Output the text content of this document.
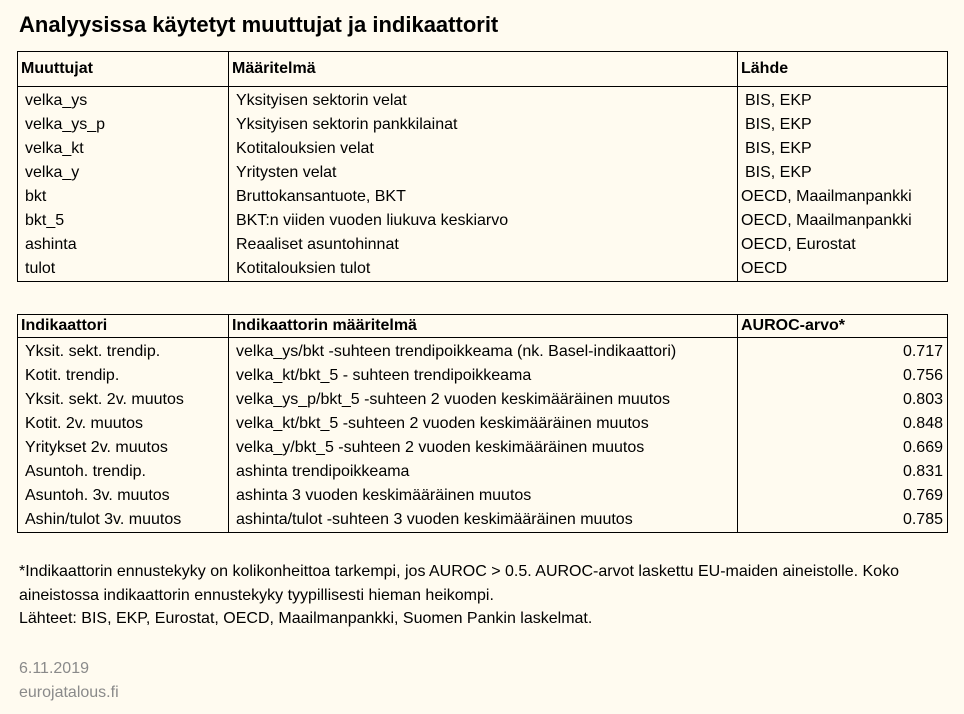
Analyysissa käytetyt muuttujat ja indikaattorit
Muuttujat	Määritelmä	Lähde
velka_ys	Yksityisen sektorin velat	BIS, EKP
velka_ys_p	Yksityisen sektorin pankkilainat	BIS, EKP
velka_kt	Kotitalouksien velat	BIS, EKP
velka_y	Yritysten velat	BIS, EKP
bkt	Bruttokansantuote, BKT	OECD, Maailmanpankki
bkt_5	BKT:n viiden vuoden liukuva keskiarvo	OECD, Maailmanpankki
ashinta	Reaaliset asuntohinnat	OECD, Eurostat
tulot	Kotitalouksien tulot	OECD
Indikaattori	Indikaattorin määritelmä	AUROC-arvo*
Yksit. sekt. trendip.	velka_ys/bkt -suhteen trendipoikkeama (nk. Basel-indikaattori)	0.717
Kotit. trendip.	velka_kt/bkt_5 - suhteen trendipoikkeama	0.756
Yksit. sekt. 2v. muutos	velka_ys_p/bkt_5 -suhteen 2 vuoden keskimääräinen muutos	0.803
Kotit. 2v. muutos	velka_kt/bkt_5 -suhteen 2 vuoden keskimääräinen muutos	0.848
Yritykset 2v. muutos	velka_y/bkt_5 -suhteen 2 vuoden keskimääräinen muutos	0.669
Asuntoh. trendip.	ashinta trendipoikkeama	0.831
Asuntoh. 3v. muutos	ashinta 3 vuoden keskimääräinen muutos	0.769
Ashin/tulot 3v. muutos	ashinta/tulot -suhteen 3 vuoden keskimääräinen muutos	0.785

*Indikaattorin ennustekyky on kolikonheittoa tarkempi, jos AUROC > 0.5. AUROC-arvot laskettu EU-maiden aineistolle. Koko aineistossa indikaattorin ennustekyky tyypillisesti hieman heikompi.

Lähteet: BIS, EKP, Eurostat, OECD, Maailmanpankki, Suomen Pankin laskelmat.

6.11.2019
eurojatalous.fi
